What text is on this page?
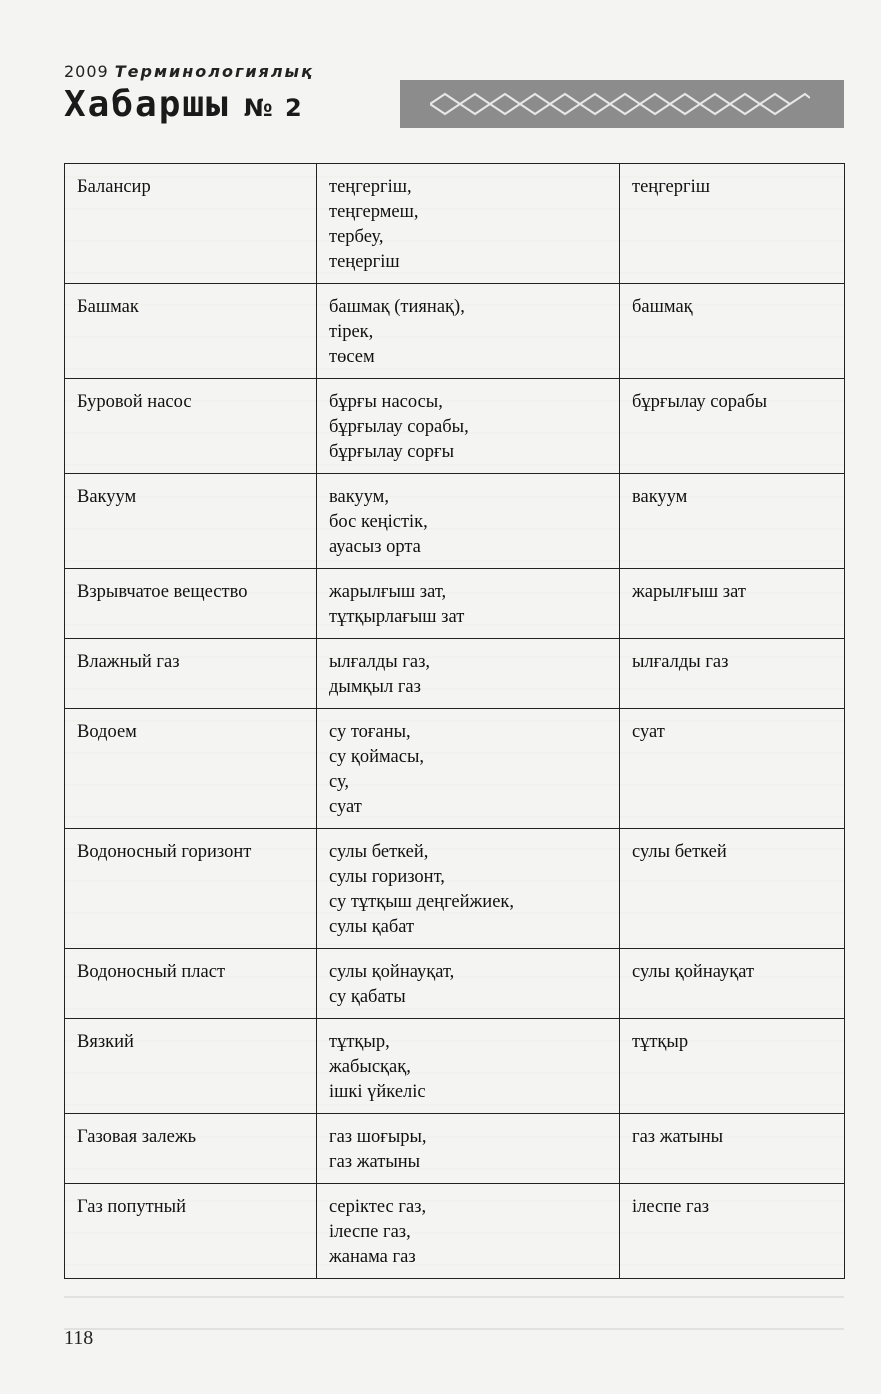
2009 Терминологиялық
Хабаршы № 2
Балансир	теңгергіш,
теңгермеш,
тербеу,
теңергіш	теңгергіш
Башмак	башмақ (тиянақ),
тірек,
төсем	башмақ
Буровой насос	бұрғы насосы,
бұрғылау сорабы,
бұрғылау сорғы	бұрғылау сорабы
Вакуум	вакуум,
бос кеңістік,
ауасыз орта	вакуум
Взрывчатое вещество	жарылғыш зат,
тұтқырлағыш зат	жарылғыш зат
Влажный газ	ылғалды газ,
дымқыл газ	ылғалды газ
Водоем	су тоғаны,
су қоймасы,
су,
суат	суат
Водоносный горизонт	сулы беткей,
сулы горизонт,
су тұтқыш деңгейжиек,
сулы қабат	сулы беткей
Водоносный пласт	сулы қойнауқат,
су қабаты	сулы қойнауқат
Вязкий	тұтқыр,
жабысқақ,
ішкі үйкеліс	тұтқыр
Газовая залежь	газ шоғыры,
газ жатыны	газ жатыны
Газ попутный	серіктес газ,
ілеспе газ,
жанама газ	ілеспе газ
118
